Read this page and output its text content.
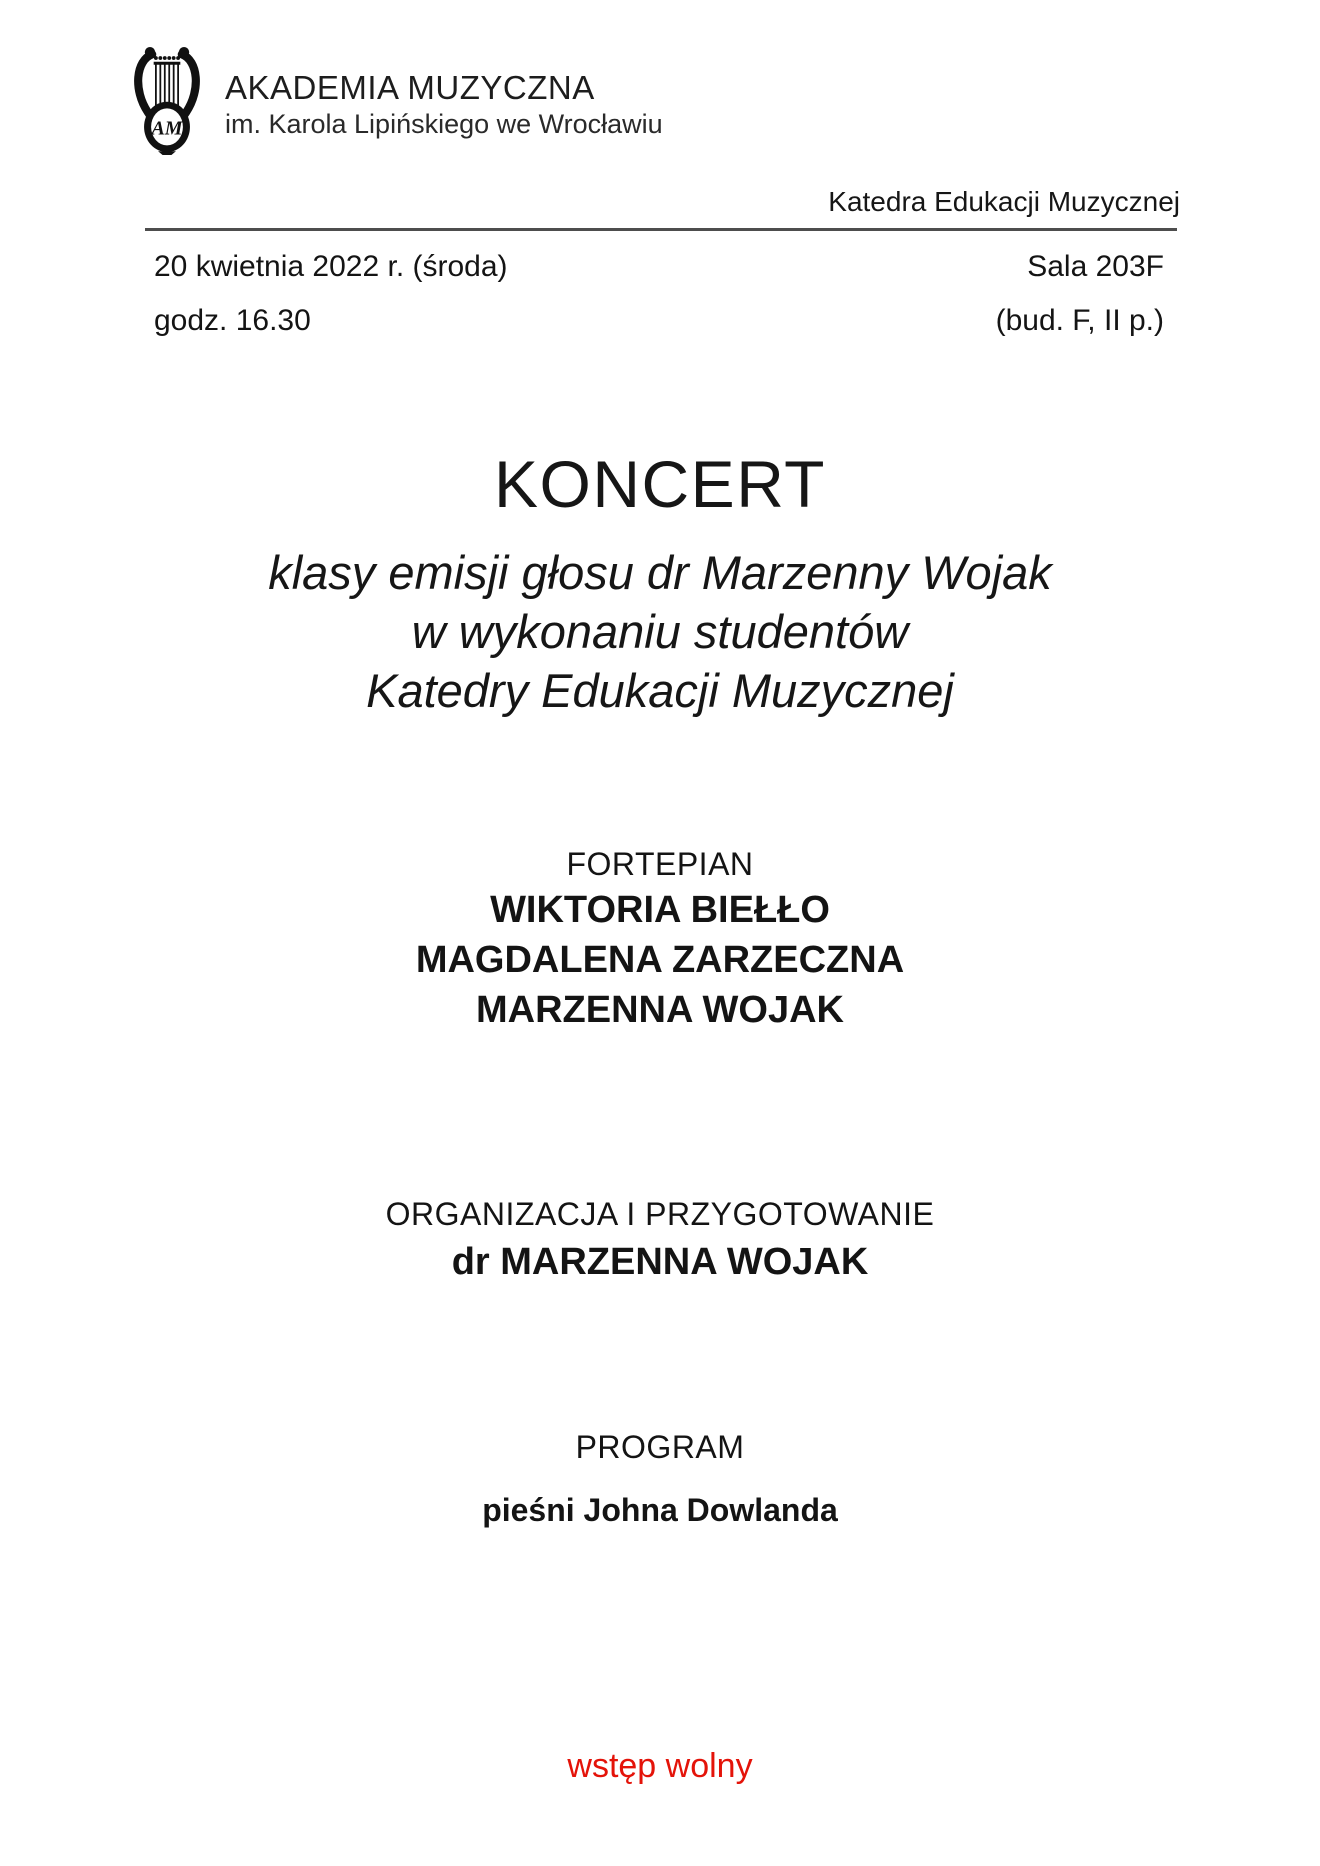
AM
AKADEMIA MUZYCZNA
im. Karola Lipińskiego we Wrocławiu
Katedra Edukacji Muzycznej
20 kwietnia 2022 r. (środa)	Sala 203F
godz. 16.30	(bud. F, II p.)
KONCERT
klasy emisji głosu dr Marzenny Wojak
w wykonaniu studentów
Katedry Edukacji Muzycznej
FORTEPIAN
WIKTORIA BIEŁŁO
MAGDALENA ZARZECZNA
MARZENNA WOJAK
ORGANIZACJA I PRZYGOTOWANIE
dr MARZENNA WOJAK
PROGRAM
pieśni Johna Dowlanda
wstęp wolny
